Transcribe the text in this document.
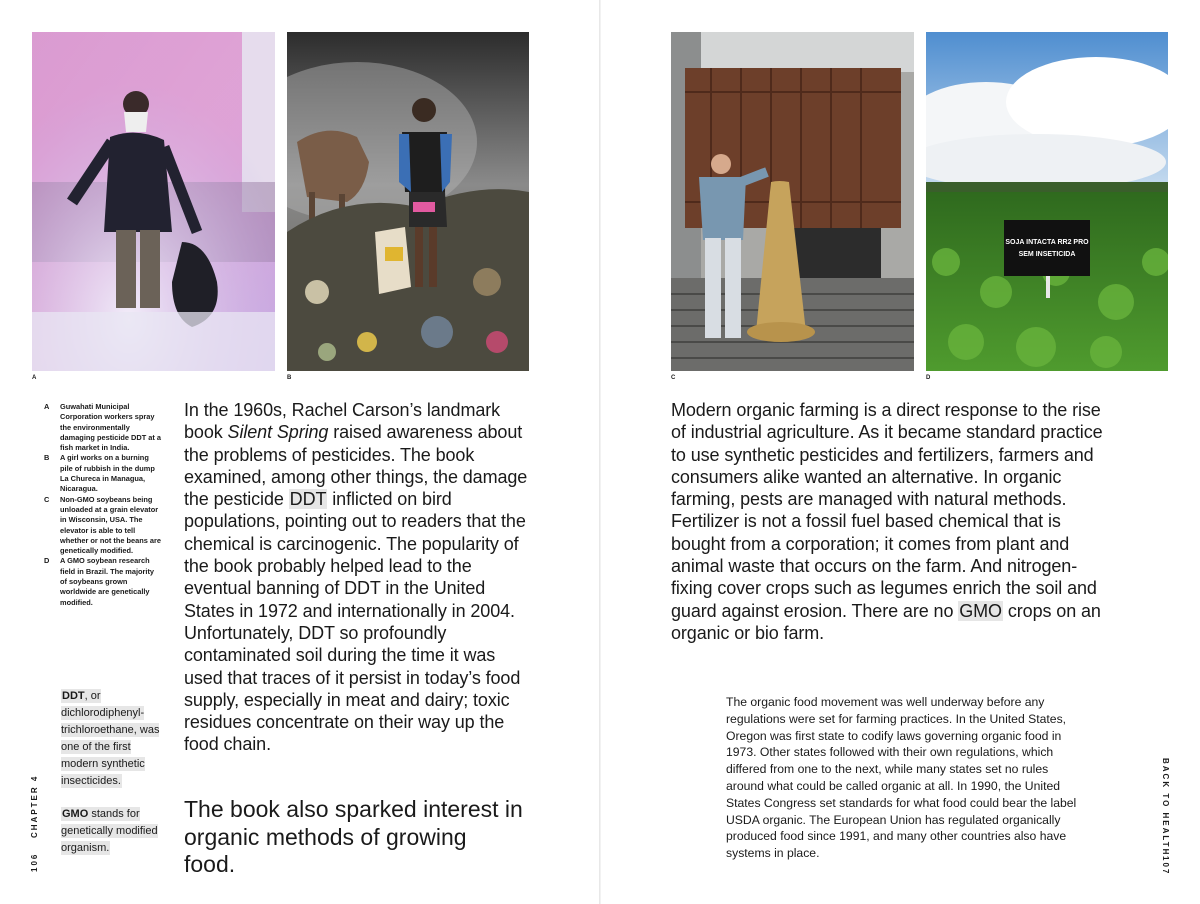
A	B	C
SOJA INTACTA RR2 PRO
SEM INSETICIDA
D
A	Guwahati Municipal Corporation workers spray the environmentally damaging pesticide DDT at a fish market in India.
B	A girl works on a burning pile of rubbish in the dump La Chureca in Managua, Nicaragua.
C	Non-GMO soybeans being unloaded at a grain elevator in Wisconsin, USA. The elevator is able to tell whether or not the beans are genetically modified.
D	A GMO soybean research field in Brazil. The majority of soybeans grown worldwide are genetically modified.
DDT, or dichlorodiphenyl-trichloroethane, was one of the first modern synthetic insecticides.
GMO stands for genetically modified organism.
In the 1960s, Rachel Carson’s landmark book Silent Spring raised awareness about the problems of pesticides. The book examined, among other things, the damage the pesticide DDT inflicted on bird populations, pointing out to readers that the chemical is carcinogenic. The popularity of the book probably helped lead to the eventual banning of DDT in the United States in 1972 and internationally in 2004. Unfortunately, DDT so profoundly contaminated soil during the time it was used that traces of it persist in today’s food supply, especially in meat and dairy; toxic residues concentrate on their way up the food chain.
The book also sparked interest in organic methods of growing food.
Modern organic farming is a direct response to the rise of industrial agriculture. As it became standard practice to use synthetic pesticides and fertilizers, farmers and consumers alike wanted an alternative. In organic farming, pests are managed with natural methods. Fertilizer is not a fossil fuel based chemical that is bought from a corporation; it comes from plant and animal waste that occurs on the farm. And nitrogen-fixing cover crops such as legumes enrich the soil and guard against erosion. There are no GMO crops on an organic or bio farm.
The organic food movement was well underway before any regulations were set for farming practices. In the United States, Oregon was first state to codify laws governing organic food in 1973. Other states followed with their own regulations, which differed from one to the next, while many states set no rules around what could be called organic at all. In 1990, the United States Congress set standards for what food could bear the label USDA organic. The European Union has regulated organically produced food since 1991, and many other countries also have systems in place.
CHAPTER 4
106
BACK TO HEALTH
107
